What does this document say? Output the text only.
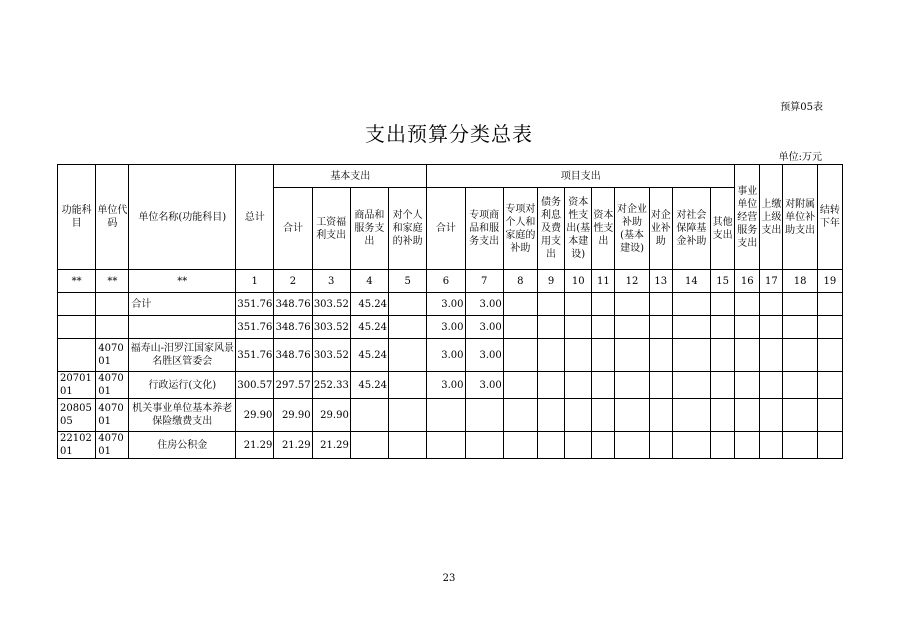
预算05表
支出预算分类总表
单位:万元
功能科目	单位代码	单位名称(功能科目)	总计	基本支出				项目支出										事业单位经营服务支出	上缴上级支出	对附属单位补助支出	结转下年
				合计	工资福利支出	商品和服务支出	对个人和家庭的补助	合计	专项商品和服务支出	专项对个人和家庭的补助	债务利息及费用支出	资本性支出(基本建设)	资本性支出	对企业补助(基本建设)	对企业补助	对社会保障基金补助	其他支出				
**	**	**	1	2	3	4	5	6	7	8	9	10	11	12	13	14	15	16	17	18	19
		合计	351.76	348.76	303.52	45.24		3.00	3.00												
			351.76	348.76	303.52	45.24		3.00	3.00												
	407001	福寿山-汨罗江国家风景名胜区管委会	351.76	348.76	303.52	45.24		3.00	3.00												
2070101	407001	行政运行(文化)	300.57	297.57	252.33	45.24		3.00	3.00												
2080505	407001	机关事业单位基本养老保险缴费支出	29.90	29.90	29.90																
2210201	407001	住房公积金	21.29	21.29	21.29																
23
